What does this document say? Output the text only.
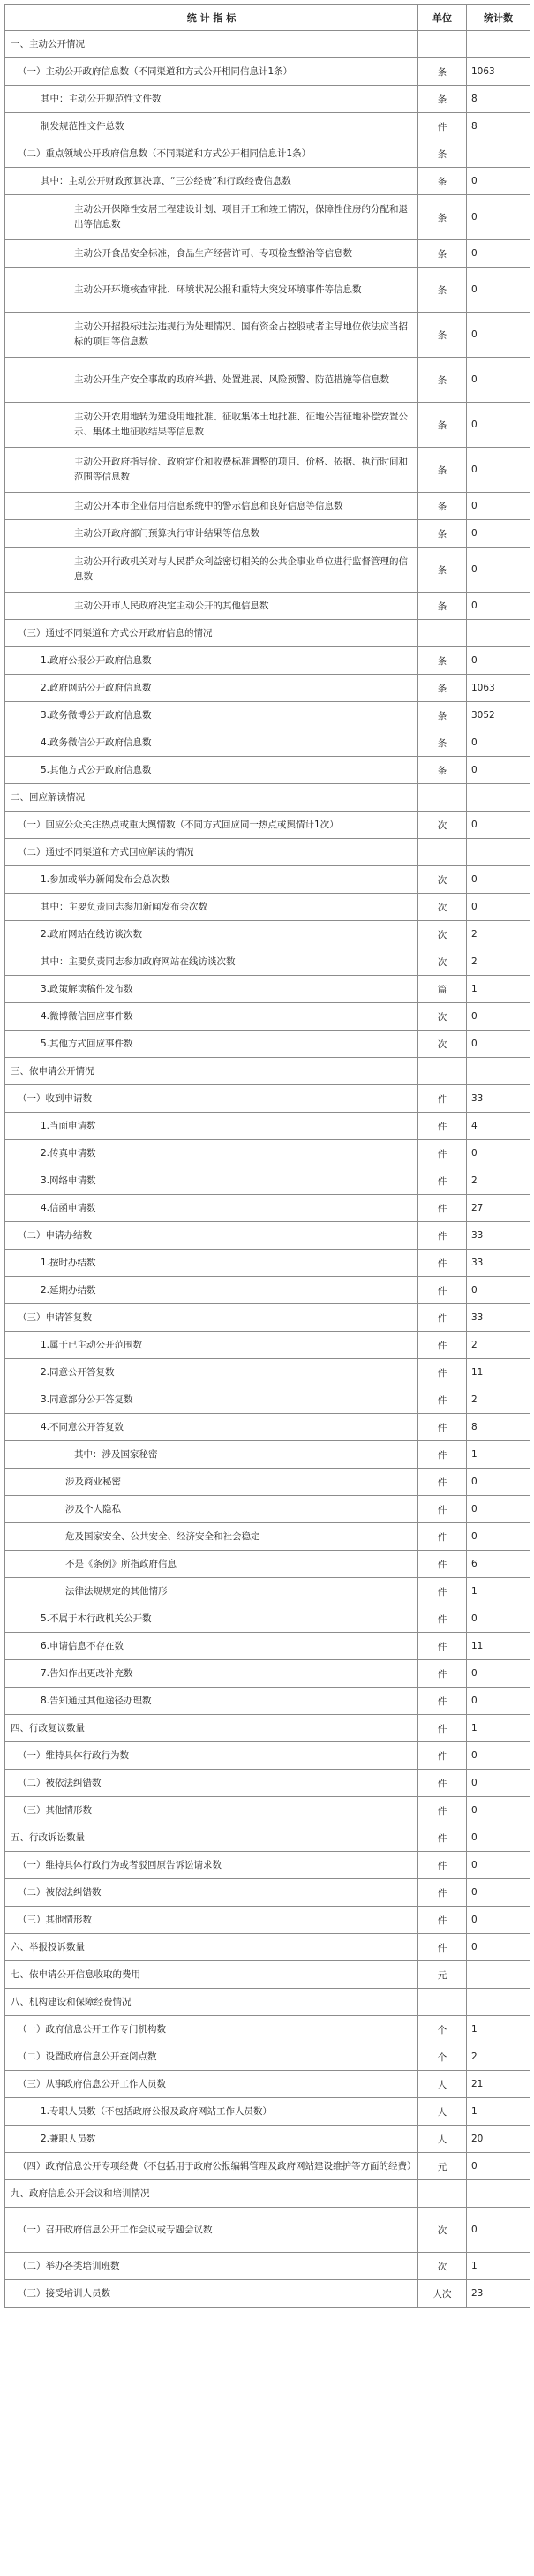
统 计 指 标	单位	统计数
一、主动公开情况		
（一）主动公开政府信息数（不同渠道和方式公开相同信息计1条）	条	1063
其中：主动公开规范性文件数	条	8
制发规范性文件总数	件	8
（二）重点领域公开政府信息数（不同渠道和方式公开相同信息计1条）	条	
其中：主动公开财政预算决算、“三公经费”和行政经费信息数	条	0
主动公开保障性安居工程建设计划、项目开工和竣工情况，保障性住房的分配和退出等信息数	条	0
主动公开食品安全标准，食品生产经营许可、专项检查整治等信息数	条	0
主动公开环境核查审批、环境状况公报和重特大突发环境事件等信息数	条	0
主动公开招投标违法违规行为处理情况、国有资金占控股或者主导地位依法应当招标的项目等信息数	条	0
主动公开生产安全事故的政府举措、处置进展、风险预警、防范措施等信息数	条	0
主动公开农用地转为建设用地批准、征收集体土地批准、征地公告征地补偿安置公示、集体土地征收结果等信息数	条	0
主动公开政府指导价、政府定价和收费标准调整的项目、价格、依据、执行时间和范围等信息数	条	0
主动公开本市企业信用信息系统中的警示信息和良好信息等信息数	条	0
主动公开政府部门预算执行审计结果等信息数	条	0
主动公开行政机关对与人民群众利益密切相关的公共企事业单位进行监督管理的信息数	条	0
主动公开市人民政府决定主动公开的其他信息数	条	0
（三）通过不同渠道和方式公开政府信息的情况		
1.政府公报公开政府信息数	条	0
2.政府网站公开政府信息数	条	1063
3.政务微博公开政府信息数	条	3052
4.政务微信公开政府信息数	条	0
5.其他方式公开政府信息数	条	0
二、回应解读情况		
（一）回应公众关注热点或重大舆情数（不同方式回应同一热点或舆情计1次）	次	0
（二）通过不同渠道和方式回应解读的情况		
1.参加或举办新闻发布会总次数	次	0
其中：主要负责同志参加新闻发布会次数	次	0
2.政府网站在线访谈次数	次	2
其中：主要负责同志参加政府网站在线访谈次数	次	2
3.政策解读稿件发布数	篇	1
4.微博微信回应事件数	次	0
5.其他方式回应事件数	次	0
三、依申请公开情况		
（一）收到申请数	件	33
1.当面申请数	件	4
2.传真申请数	件	0
3.网络申请数	件	2
4.信函申请数	件	27
（二）申请办结数	件	33
1.按时办结数	件	33
2.延期办结数	件	0
（三）申请答复数	件	33
1.属于已主动公开范围数	件	2
2.同意公开答复数	件	11
3.同意部分公开答复数	件	2
4.不同意公开答复数	件	8
其中：涉及国家秘密	件	1
涉及商业秘密	件	0
涉及个人隐私	件	0
危及国家安全、公共安全、经济安全和社会稳定	件	0
不是《条例》所指政府信息	件	6
法律法规规定的其他情形	件	1
5.不属于本行政机关公开数	件	0
6.申请信息不存在数	件	11
7.告知作出更改补充数	件	0
8.告知通过其他途径办理数	件	0
四、行政复议数量	件	1
（一）维持具体行政行为数	件	0
（二）被依法纠错数	件	0
（三）其他情形数	件	0
五、行政诉讼数量	件	0
（一）维持具体行政行为或者驳回原告诉讼请求数	件	0
（二）被依法纠错数	件	0
（三）其他情形数	件	0
六、举报投诉数量	件	0
七、依申请公开信息收取的费用	元	
八、机构建设和保障经费情况		
（一）政府信息公开工作专门机构数	个	1
（二）设置政府信息公开查阅点数	个	2
（三）从事政府信息公开工作人员数	人	21
1.专职人员数（不包括政府公报及政府网站工作人员数）	人	1
2.兼职人员数	人	20
（四）政府信息公开专项经费（不包括用于政府公报编辑管理及政府网站建设维护等方面的经费）	元	0
九、政府信息公开会议和培训情况		
（一）召开政府信息公开工作会议或专题会议数	次	0
（二）举办各类培训班数	次	1
（三）接受培训人员数	人次	23
